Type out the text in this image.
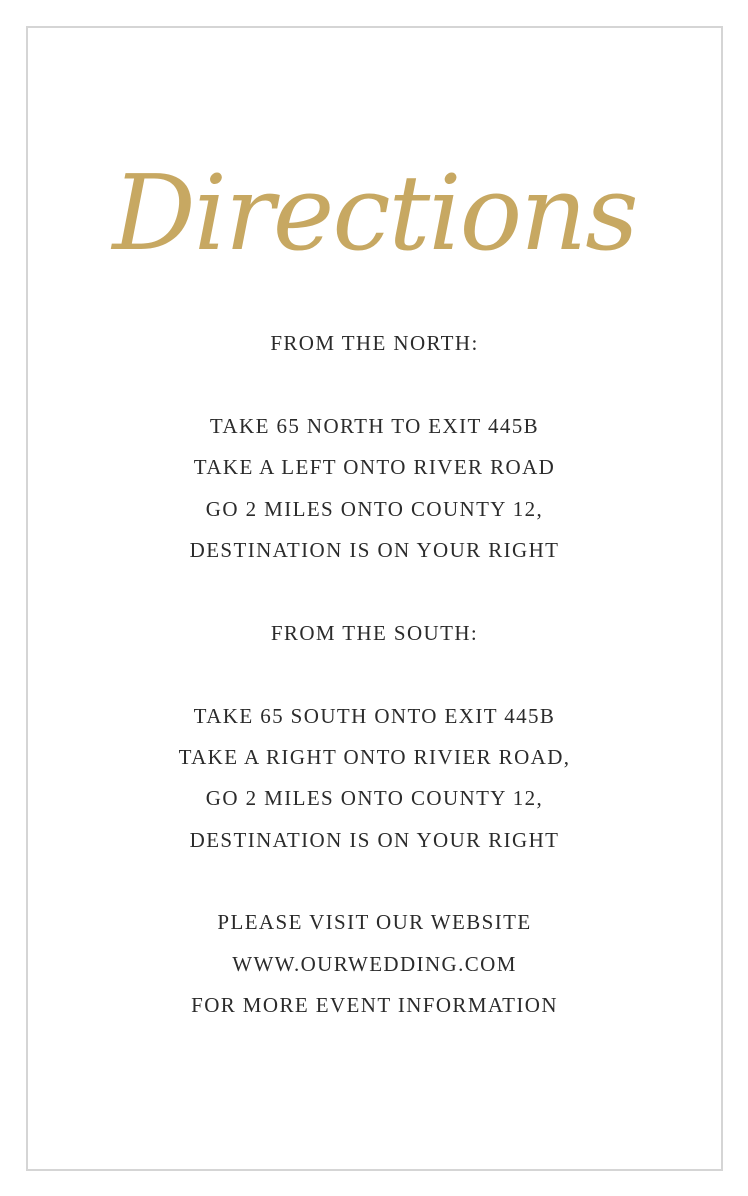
Directions
FROM THE NORTH:
TAKE 65 NORTH TO EXIT 445B
TAKE A LEFT ONTO RIVER ROAD
GO 2 MILES ONTO COUNTY 12,
DESTINATION IS ON YOUR RIGHT
FROM THE SOUTH:
TAKE 65 SOUTH ONTO EXIT 445B
TAKE A RIGHT ONTO RIVIER ROAD,
GO 2 MILES ONTO COUNTY 12,
DESTINATION IS ON YOUR RIGHT
PLEASE VISIT OUR WEBSITE
WWW.OURWEDDING.COM
FOR MORE EVENT INFORMATION
